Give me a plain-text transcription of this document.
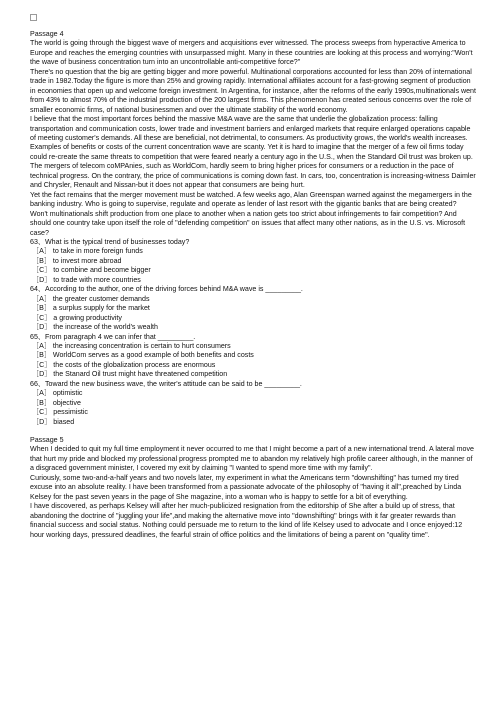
Passage 4

The world is going through the biggest wave of mergers and acquisitions ever witnessed. The process sweeps from hyperactive America to Europe and reaches the emerging countries with unsurpassed might. Many in these countries are looking at this process and worrying:"Won't the wave of business concentration turn into an uncontrollable anti-competitive force?"

There's no question that the big are getting bigger and more powerful. Multinational corporations accounted for less than 20% of international trade in 1982.Today the figure is more than 25% and growing rapidly. International affiliates account for a fast-growing segment of production in economies that open up and welcome foreign investment. In Argentina, for instance, after the reforms of the early 1990s,multinationals went from 43% to almost 70% of the industrial production of the 200 largest firms. This phenomenon has created serious concerns over the role of smaller economic firms, of national businessmen and over the ultimate stability of the world economy.

I believe that the most important forces behind the massive M&A wave are the same that underlie the globalization process: falling transportation and communication costs, lower trade and investment barriers and enlarged markets that require enlarged operations capable of meeting customer's demands. All these are beneficial, not detrimental, to consumers. As productivity grows, the world's wealth increases.

Examples of benefits or costs of the current concentration wave are scanty. Yet it is hard to imagine that the merger of a few oil firms today could re-create the same threats to competition that were feared nearly a century ago in the U.S., when the Standard Oil trust was broken up. The mergers of telecom coMPAnies, such as WorldCom, hardly seem to bring higher prices for consumers or a reduction in the pace of technical progress. On the contrary, the price of communications is coming down fast. In cars, too, concentration is increasing-witness Daimler and Chrysler, Renault and Nissan-but it does not appear that consumers are being hurt.

Yet the fact remains that the merger movement must be watched. A few weeks ago, Alan Greenspan warned against the megamergers in the banking industry. Who is going to supervise, regulate and operate as lender of last resort with the gigantic banks that are being created? Won't multinationals shift production from one place to another when a nation gets too strict about infringements to fair competition? And should one country take upon itself the role of "defending competition" on issues that affect many other nations, as in the U.S. vs. Microsoft case?

63、What is the typical trend of businesses today?

［A］ to take in more foreign funds

［B］ to invest more abroad

［C］ to combine and become bigger

［D］ to trade with more countries

64、According to the author, one of the driving forces behind M&A wave is _________.

［A］ the greater customer demands

［B］ a surplus supply for the market

［C］ a growing productivity

［D］ the increase of the world's wealth

65、From paragraph 4 we can infer that _________.

［A］ the increasing concentration is certain to hurt consumers

［B］ WorldCom serves as a good example of both benefits and costs

［C］ the costs of the globalization process are enormous

［D］ the Stanard Oil trust might have threatened competition

66、Toward the new business wave, the writer's attitude can be said to be _________.

［A］ optimistic

［B］ objective

［C］ pessimistic

［D］ biased

Passage 5

When I decided to quit my full time employment it never occurred to me that I might become a part of a new international trend. A lateral move that hurt my pride and blocked my professional progress prompted me to abandon my relatively high profile career although, in the manner of a disgraced government minister, I covered my exit by claiming "I wanted to spend more time with my family".

Curiously, some two-and-a-half years and two novels later, my experiment in what the Americans term "downshifting" has turned my tired excuse into an absolute reality. I have been transformed from a passionate advocate of the philosophy of "having it all",preached by Linda Kelsey for the past seven years in the page of She magazine, into a woman who is happy to settle for a bit of everything.

I have discovered, as perhaps Kelsey will after her much-publicized resignation from the editorship of She after a build up of stress, that abandoning the doctrine of "juggling your life",and making the alternative move into "downshifting" brings with it far greater rewards than financial success and social status. Nothing could persuade me to return to the kind of life Kelsey used to advocate and I once enjoyed:12 hour working days, pressured deadlines, the fearful strain of office politics and the limitations of being a parent on "quality time".
